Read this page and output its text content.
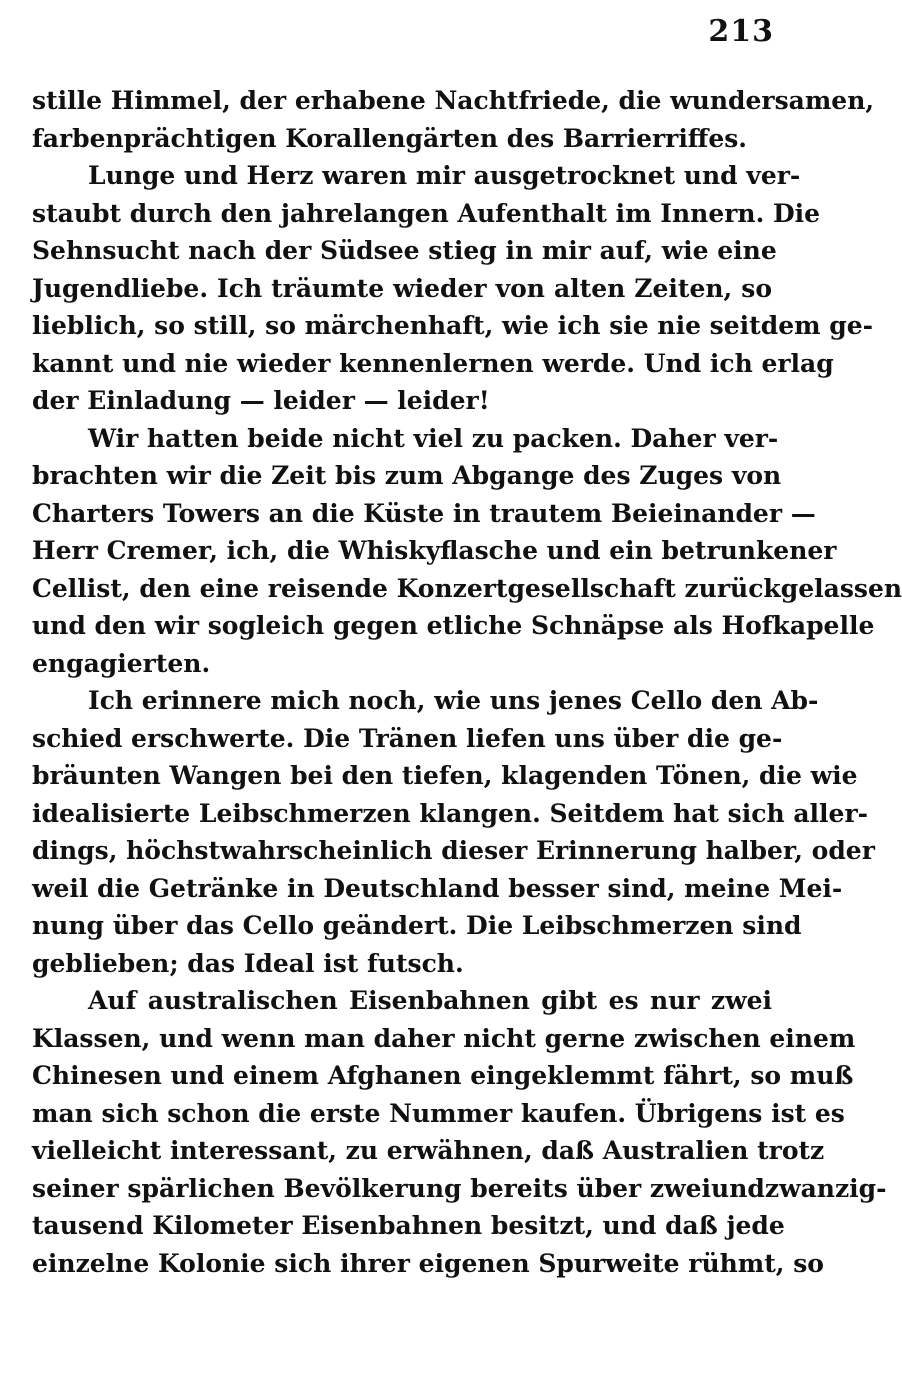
213
stille Himmel, der erhabene Nachtfriede, die wundersamen,
farbenprächtigen Korallengärten des Barrierriffes.
Lunge und Herz waren mir ausgetrocknet und ver-
staubt durch den jahrelangen Aufenthalt im Innern. Die
Sehnsucht nach der Südsee stieg in mir auf, wie eine
Jugendliebe. Ich träumte wieder von alten Zeiten, so
lieblich, so still, so märchenhaft, wie ich sie nie seitdem ge-
kannt und nie wieder kennenlernen werde. Und ich erlag
der Einladung — leider — leider!
Wir hatten beide nicht viel zu packen. Daher ver-
brachten wir die Zeit bis zum Abgange des Zuges von
Charters Towers an die Küste in trautem Beieinander —
Herr Cremer, ich, die Whiskyflasche und ein betrunkener
Cellist, den eine reisende Konzertgesellschaft zurückgelassen
und den wir sogleich gegen etliche Schnäpse als Hofkapelle
engagierten.
Ich erinnere mich noch, wie uns jenes Cello den Ab-
schied erschwerte. Die Tränen liefen uns über die ge-
bräunten Wangen bei den tiefen, klagenden Tönen, die wie
idealisierte Leibschmerzen klangen. Seitdem hat sich aller-
dings, höchstwahrscheinlich dieser Erinnerung halber, oder
weil die Getränke in Deutschland besser sind, meine Mei-
nung über das Cello geändert. Die Leibschmerzen sind
geblieben; das Ideal ist futsch.
Auf australischen Eisenbahnen gibt es nur zwei
Klassen, und wenn man daher nicht gerne zwischen einem
Chinesen und einem Afghanen eingeklemmt fährt, so muß
man sich schon die erste Nummer kaufen. Übrigens ist es
vielleicht interessant, zu erwähnen, daß Australien trotz
seiner spärlichen Bevölkerung bereits über zweiundzwanzig-
tausend Kilometer Eisenbahnen besitzt, und daß jede
einzelne Kolonie sich ihrer eigenen Spurweite rühmt, so
